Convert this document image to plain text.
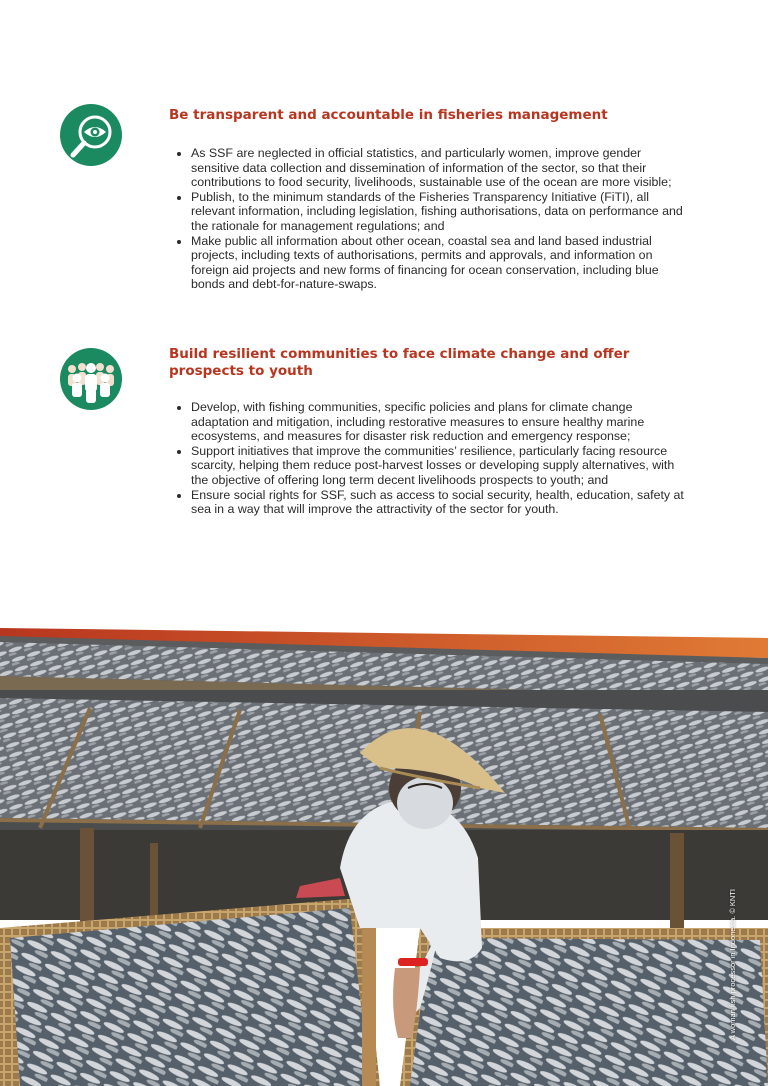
Be transparent and accountable in fisheries management
• As SSF are neglected in official statistics, and particularly women, improve gender sensitive data collection and dissemination of information of the sector, so that their contributions to food security, livelihoods, sustainable use of the ocean are more visible;
• Publish, to the minimum standards of the Fisheries Transparency Initiative (FiTI), all relevant information, including legislation, fishing authorisations, data on performance and the rationale for management regulations; and
• Make public all information about other ocean, coastal sea and land based industrial projects, including texts of authorisations, permits and approvals, and information on foreign aid projects and new forms of financing for ocean conservation, including blue bonds and debt-for-nature-swaps.
Build resilient communities to face climate change and offer prospects to youth
• Develop, with fishing communities, specific policies and plans for climate change adaptation and mitigation, including restorative measures to ensure healthy marine ecosystems, and measures for disaster risk reduction and emergency response;
• Support initiatives that improve the communities’ resilience, particularly facing resource scarcity, helping them reduce post-harvest losses or developing supply alternatives, with the objective of offering long term decent livelihoods prospects to youth; and
• Ensure social rights for SSF, such as access to social security, health, education, safety at sea in a way that will improve the attractivity of the sector for youth.
A woman fish processor in Indonesia. © KNTI
